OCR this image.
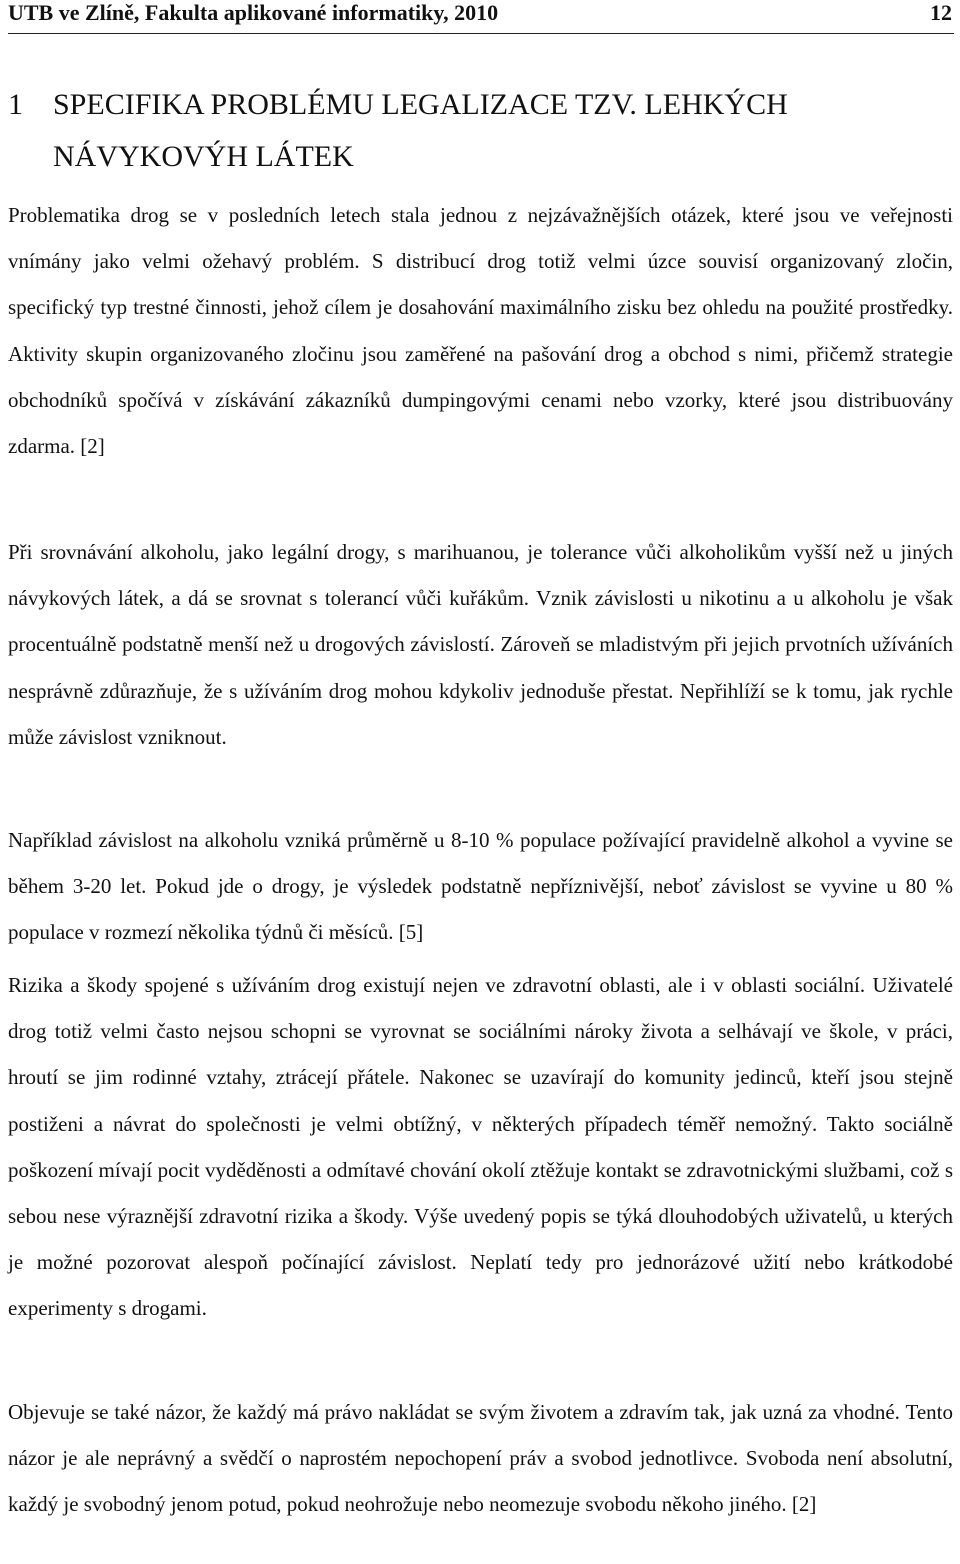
UTB ve Zlíně, Fakulta aplikované informatiky, 2010	12
1 SPECIFIKA PROBLÉMU LEGALIZACE TZV. LEHKÝCH
NÁVYKOVÝH LÁTEK

Problematika drog se v posledních letech stala jednou z nejzávažnějších otázek, které jsou ve veřejnosti vnímány jako velmi ožehavý problém. S distribucí drog totiž velmi úzce souvisí organizovaný zločin, specifický typ trestné činnosti, jehož cílem je dosahování maximálního zisku bez ohledu na použité prostředky. Aktivity skupin organizovaného zločinu jsou zaměřené na pašování drog a obchod s nimi, přičemž strategie obchodníků spočívá v získávání zákazníků dumpingovými cenami nebo vzorky, které jsou distribuovány zdarma. [2]

Při srovnávání alkoholu, jako legální drogy, s marihuanou, je tolerance vůči alkoholikům vyšší než u jiných návykových látek, a dá se srovnat s tolerancí vůči kuřákům. Vznik závislosti u nikotinu a u alkoholu je však procentuálně podstatně menší než u drogových závislostí. Zároveň se mladistvým při jejich prvotních užíváních nesprávně zdůrazňuje, že s užíváním drog mohou kdykoliv jednoduše přestat. Nepřihlíží se k tomu, jak rychle může závislost vzniknout.

Například závislost na alkoholu vzniká průměrně u 8-10 % populace požívající pravidelně alkohol a vyvine se během 3-20 let. Pokud jde o drogy, je výsledek podstatně nepříznivější, neboť závislost se vyvine u 80 % populace v rozmezí několika týdnů či měsíců. [5]

Rizika a škody spojené s užíváním drog existují nejen ve zdravotní oblasti, ale i v oblasti sociální. Uživatelé drog totiž velmi často nejsou schopni se vyrovnat se sociálními nároky života a selhávají ve škole, v práci, hroutí se jim rodinné vztahy, ztrácejí přátele. Nakonec se uzavírají do komunity jedinců, kteří jsou stejně postiženi a návrat do společnosti je velmi obtížný, v některých případech téměř nemožný. Takto sociálně poškození mívají pocit vyděděnosti a odmítavé chování okolí ztěžuje kontakt se zdravotnickými službami, což s sebou nese výraznější zdravotní rizika a škody. Výše uvedený popis se týká dlouhodobých uživatelů, u kterých je možné pozorovat alespoň počínající závislost. Neplatí tedy pro jednorázové užití nebo krátkodobé experimenty s drogami.

Objevuje se také názor, že každý má právo nakládat se svým životem a zdravím tak, jak uzná za vhodné. Tento názor je ale neprávný a svědčí o naprostém nepochopení práv a svobod jednotlivce. Svoboda není absolutní, každý je svobodný jenom potud, pokud neohrožuje nebo neomezuje svobodu někoho jiného. [2]
